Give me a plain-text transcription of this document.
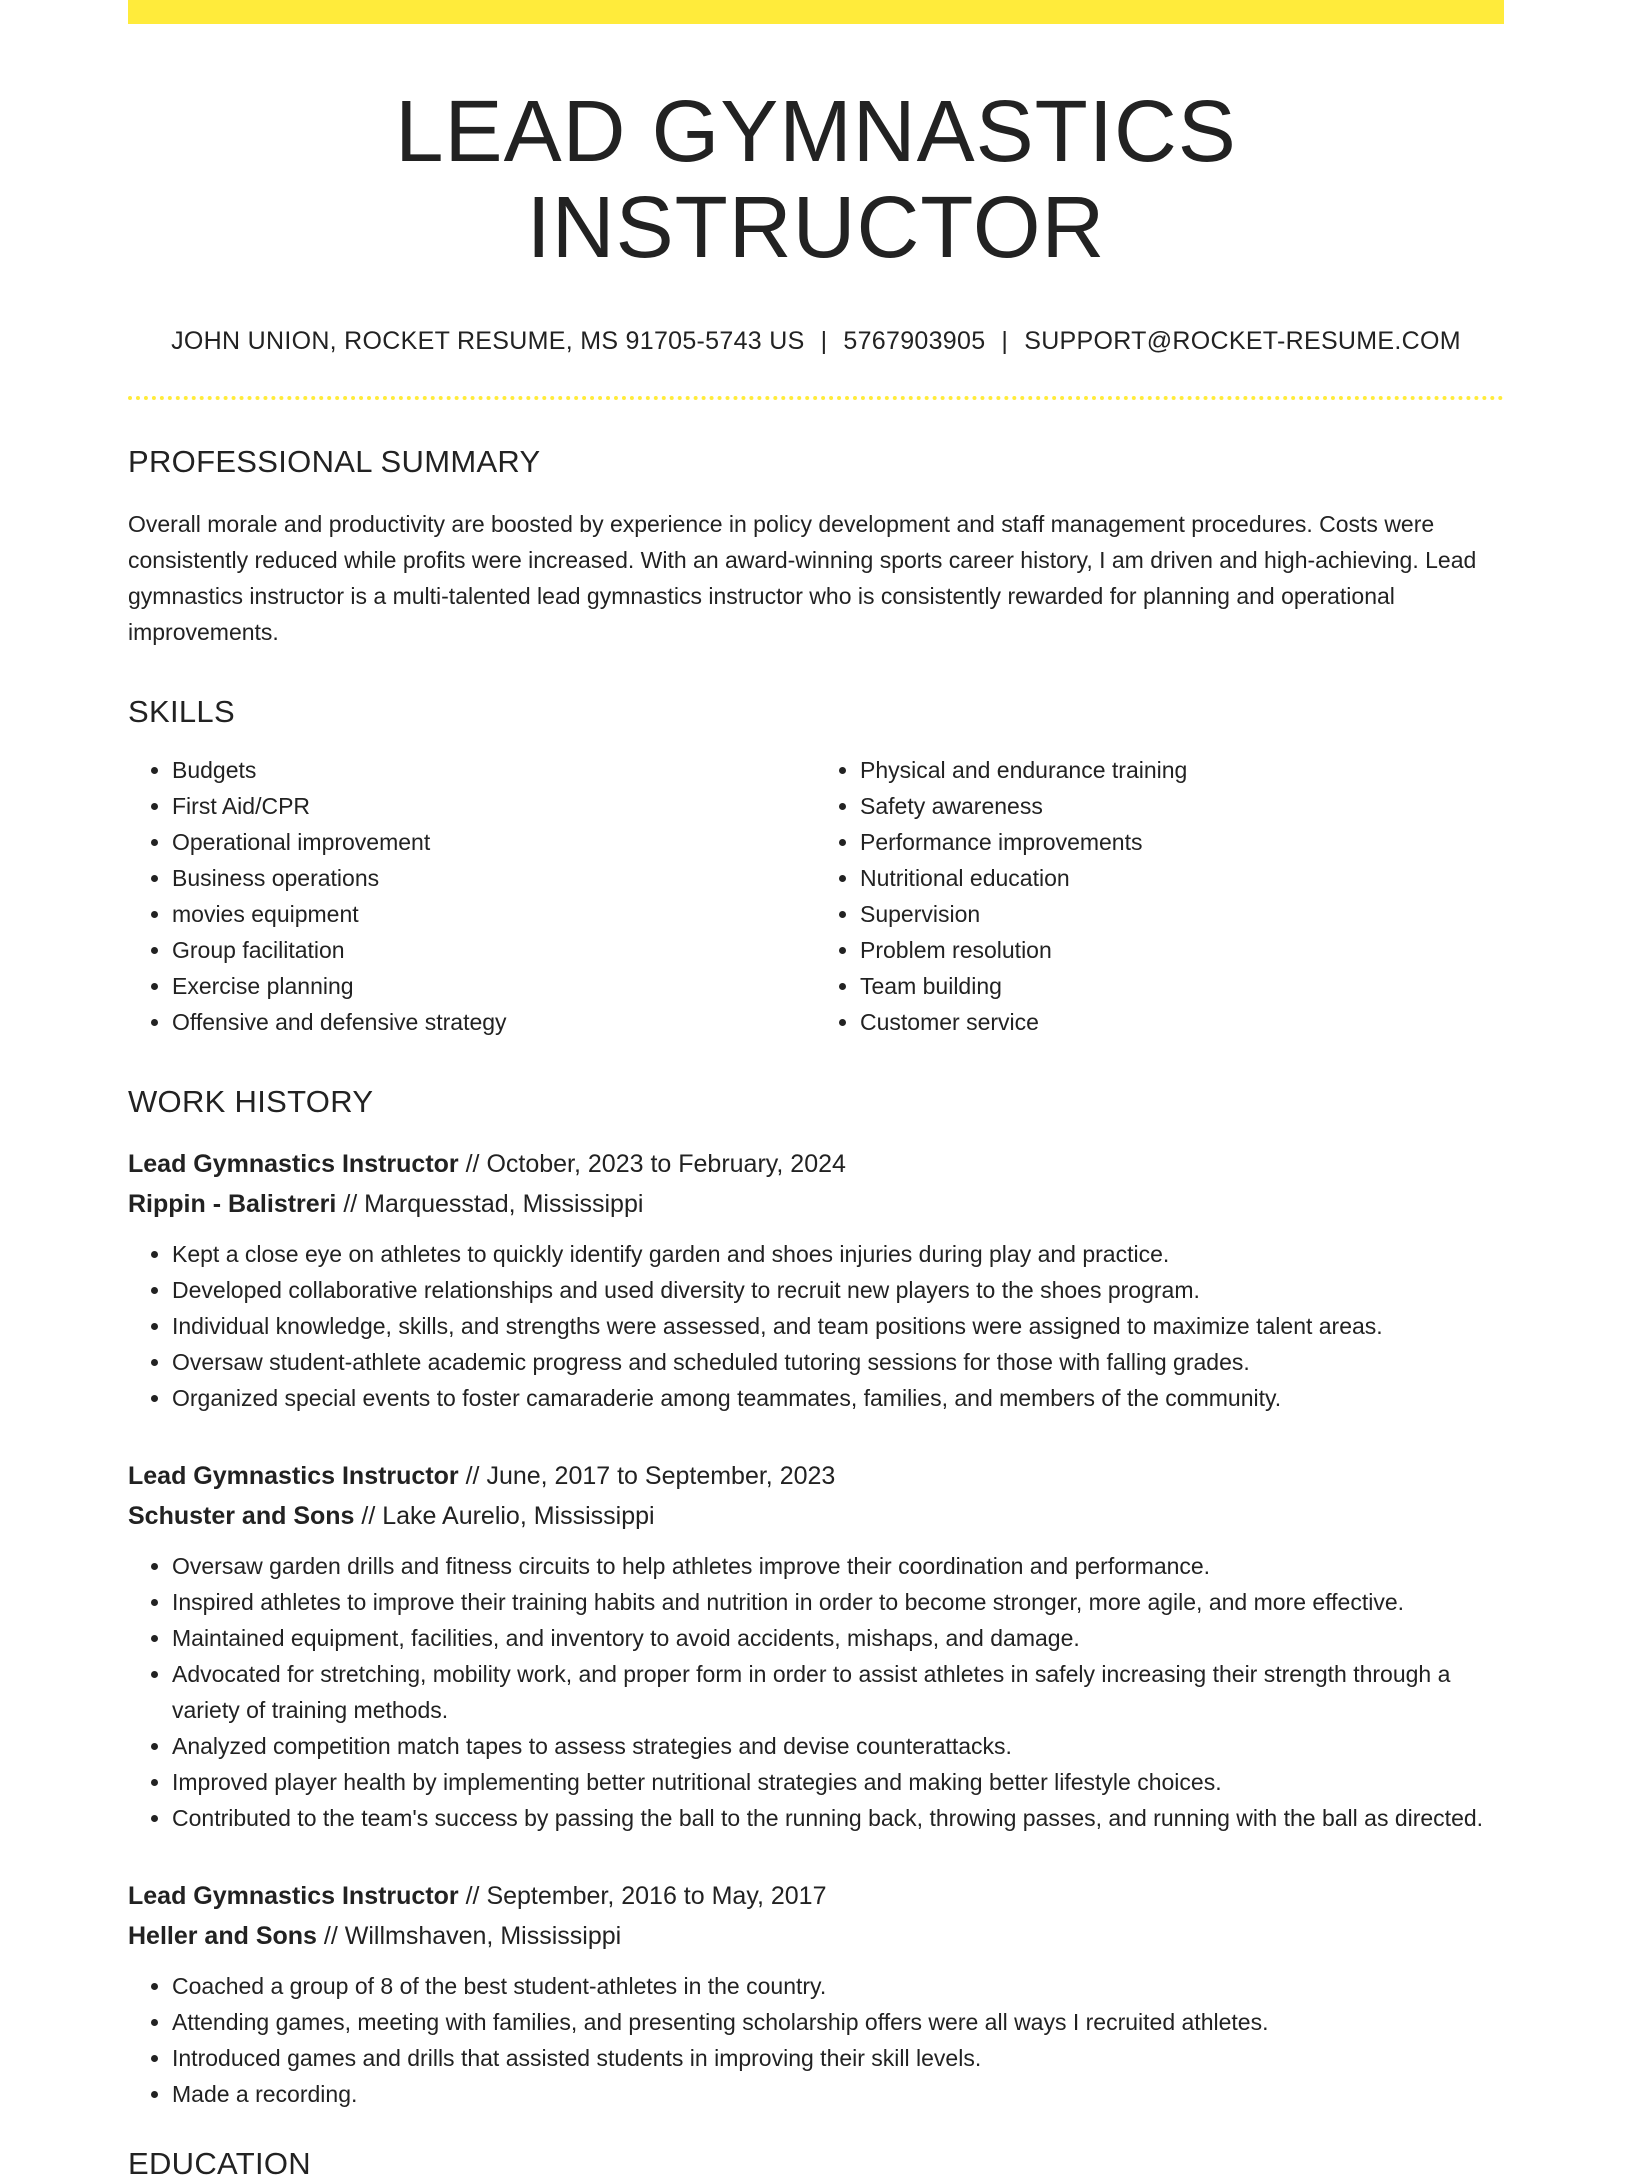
LEAD GYMNASTICS INSTRUCTOR
JOHN UNION, ROCKET RESUME, MS 91705-5743 US | 5767903905 | SUPPORT@ROCKET-RESUME.COM
PROFESSIONAL SUMMARY
Overall morale and productivity are boosted by experience in policy development and staff management procedures. Costs were consistently reduced while profits were increased. With an award-winning sports career history, I am driven and high-achieving. Lead gymnastics instructor is a multi-talented lead gymnastics instructor who is consistently rewarded for planning and operational improvements.
SKILLS
• Budgets
• First Aid/CPR
• Operational improvement
• Business operations
• movies equipment
• Group facilitation
• Exercise planning
• Offensive and defensive strategy
• Physical and endurance training
• Safety awareness
• Performance improvements
• Nutritional education
• Supervision
• Problem resolution
• Team building
• Customer service
WORK HISTORY
Lead Gymnastics Instructor // October, 2023 to February, 2024
Rippin - Balistreri // Marquesstad, Mississippi
• Kept a close eye on athletes to quickly identify garden and shoes injuries during play and practice.
• Developed collaborative relationships and used diversity to recruit new players to the shoes program.
• Individual knowledge, skills, and strengths were assessed, and team positions were assigned to maximize talent areas.
• Oversaw student-athlete academic progress and scheduled tutoring sessions for those with falling grades.
• Organized special events to foster camaraderie among teammates, families, and members of the community.
Lead Gymnastics Instructor // June, 2017 to September, 2023
Schuster and Sons // Lake Aurelio, Mississippi
• Oversaw garden drills and fitness circuits to help athletes improve their coordination and performance.
• Inspired athletes to improve their training habits and nutrition in order to become stronger, more agile, and more effective.
• Maintained equipment, facilities, and inventory to avoid accidents, mishaps, and damage.
• Advocated for stretching, mobility work, and proper form in order to assist athletes in safely increasing their strength through a variety of training methods.
• Analyzed competition match tapes to assess strategies and devise counterattacks.
• Improved player health by implementing better nutritional strategies and making better lifestyle choices.
• Contributed to the team's success by passing the ball to the running back, throwing passes, and running with the ball as directed.
Lead Gymnastics Instructor // September, 2016 to May, 2017
Heller and Sons // Willmshaven, Mississippi
• Coached a group of 8 of the best student-athletes in the country.
• Attending games, meeting with families, and presenting scholarship offers were all ways I recruited athletes.
• Introduced games and drills that assisted students in improving their skill levels.
• Made a recording.
EDUCATION
